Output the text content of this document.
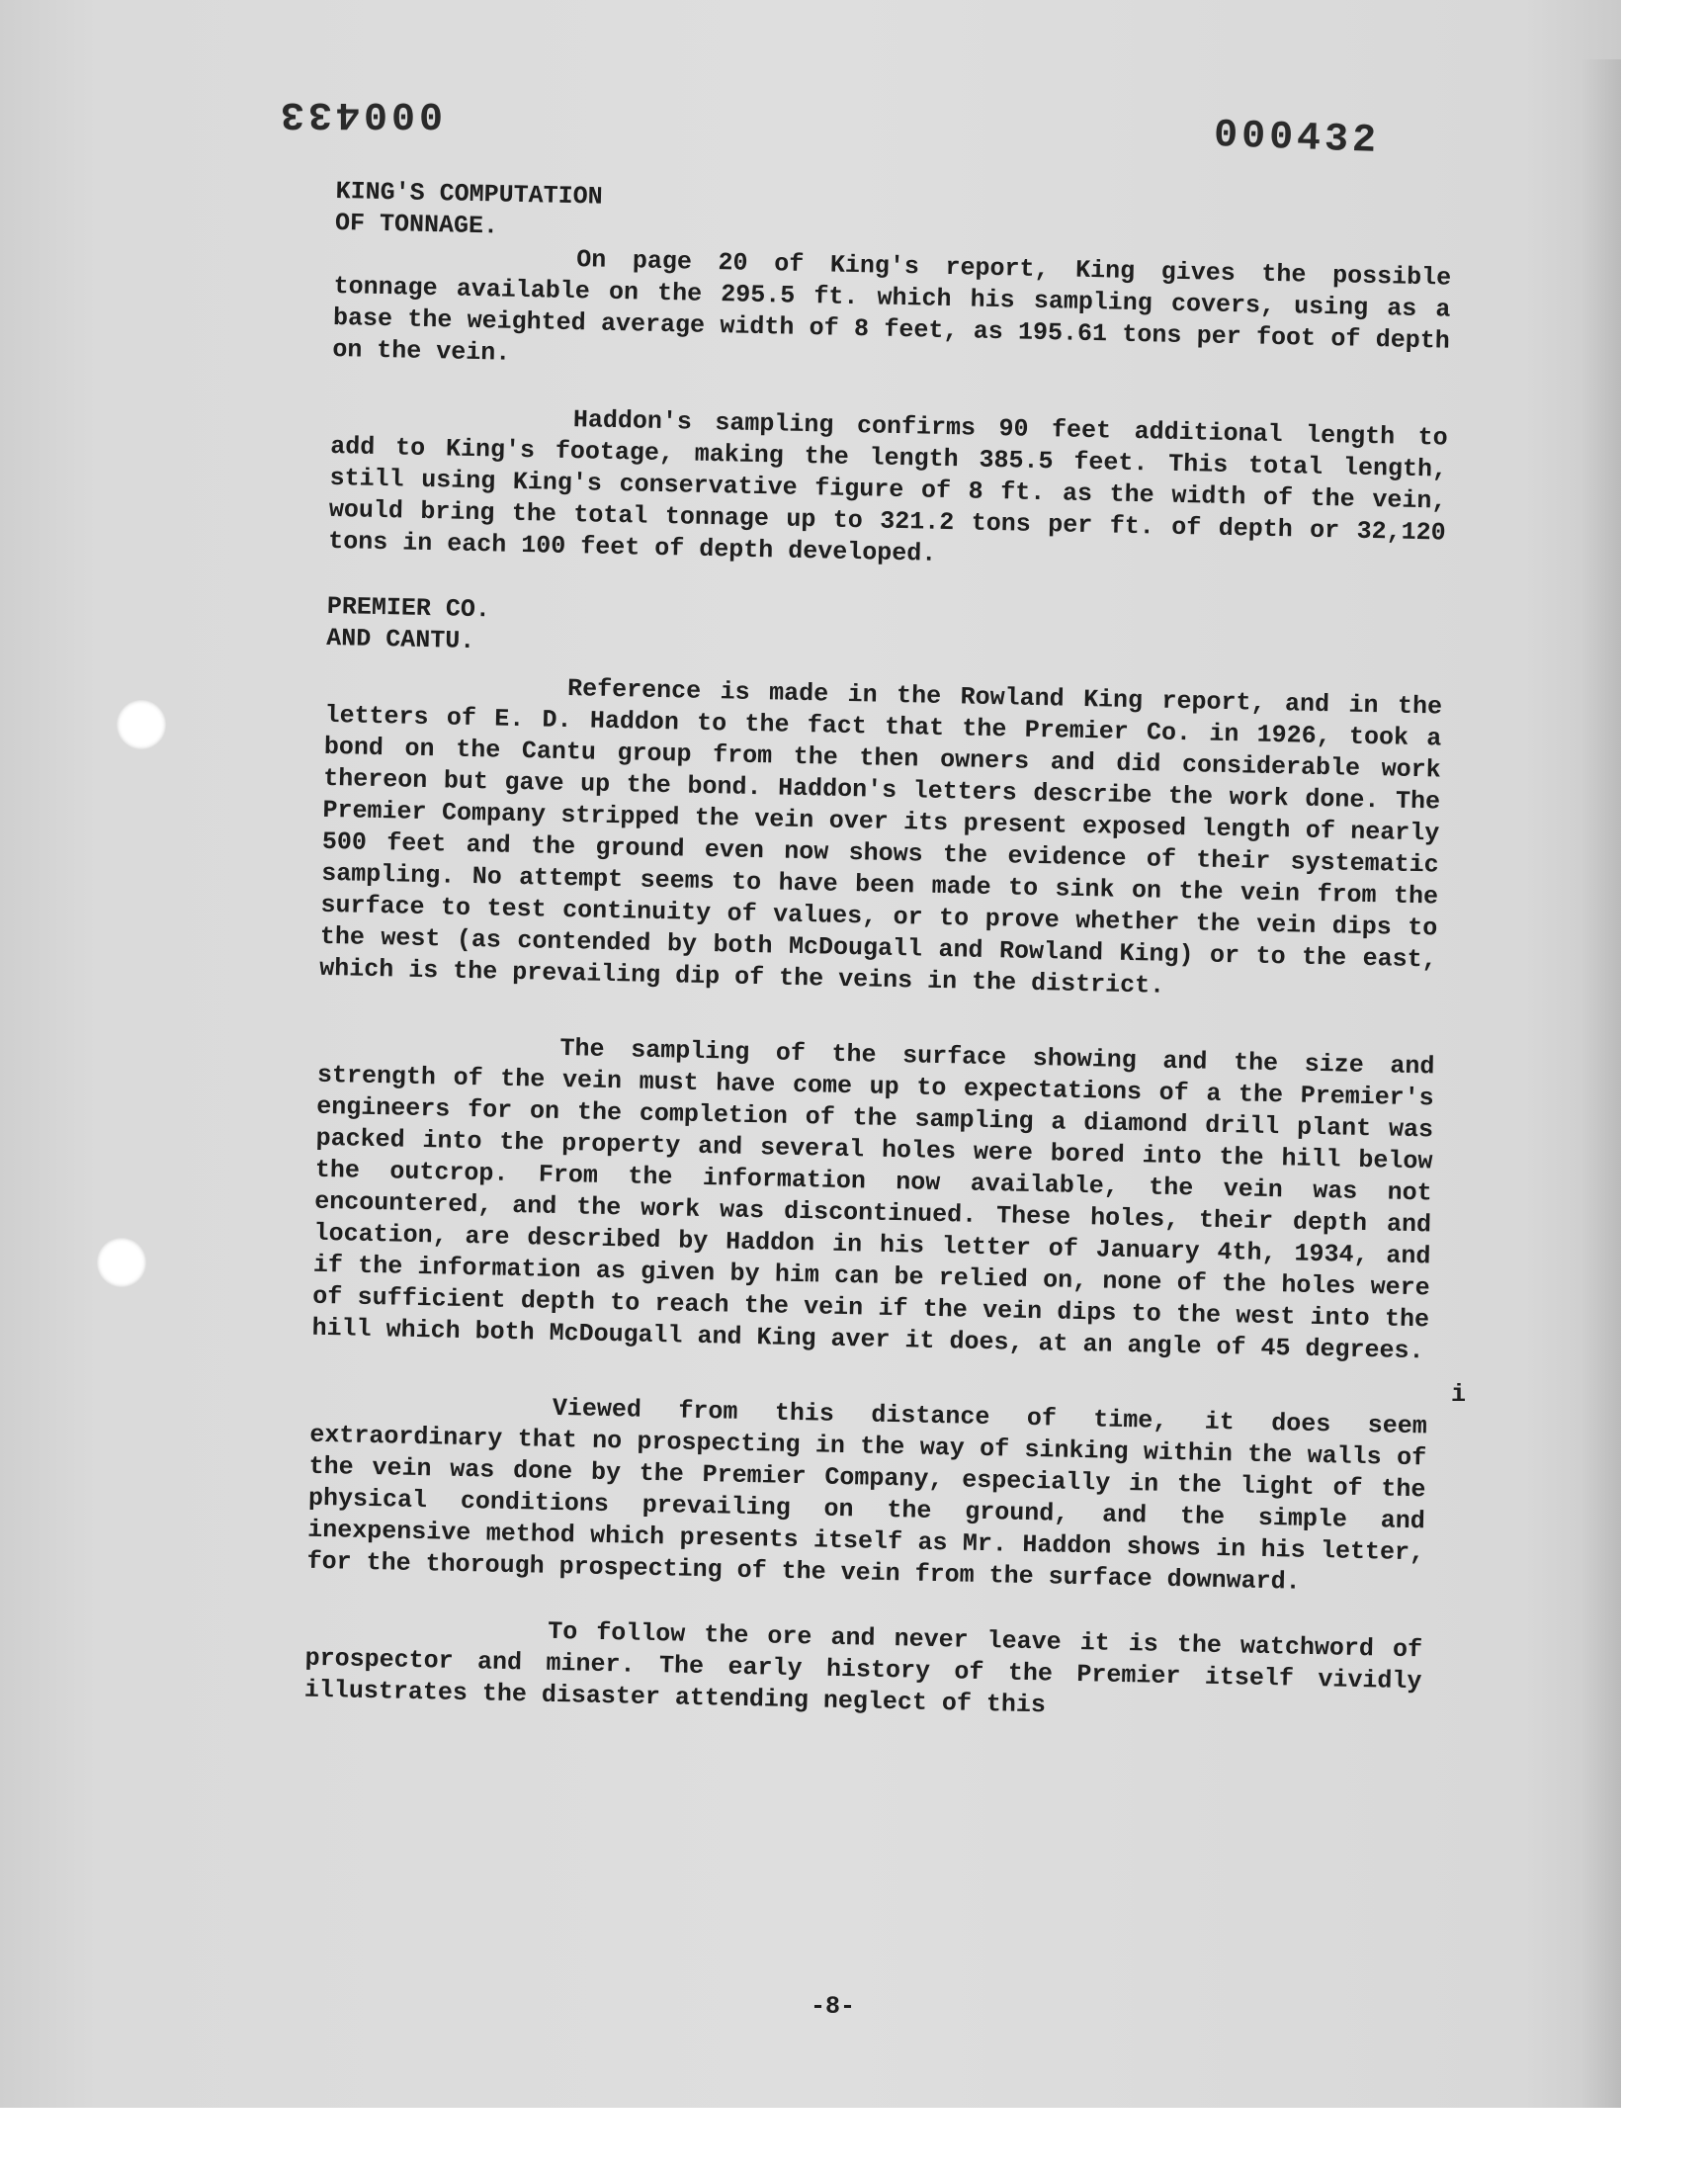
000433
000432

KING'S COMPUTATION
OF TONNAGE.

On page 20 of King's report, King gives the possible tonnage available on the 295.5 ft. which his sampling covers, using as a base the weighted average width of 8 feet, as 195.61 tons per foot of depth on the vein.

Haddon's sampling confirms 90 feet additional length to add to King's footage, making the length 385.5 feet. This total length, still using King's conservative figure of 8 ft. as the width of the vein, would bring the total tonnage up to 321.2 tons per ft. of depth or 32,120 tons in each 100 feet of depth developed.

PREMIER CO.
AND CANTU.

Reference is made in the Rowland King report, and in the letters of E. D. Haddon to the fact that the Premier Co. in 1926, took a bond on the Cantu group from the then owners and did considerable work thereon but gave up the bond. Haddon's letters describe the work done. The Premier Company stripped the vein over its present exposed length of nearly 500 feet and the ground even now shows the evidence of their systematic sampling. No attempt seems to have been made to sink on the vein from the surface to test continuity of values, or to prove whether the vein dips to the west (as contended by both McDougall and Rowland King) or to the east, which is the prevailing dip of the veins in the district.

The sampling of the surface showing and the size and strength of the vein must have come up to expectations of a the Premier's engineers for on the completion of the sampling a diamond drill plant was packed into the property and several holes were bored into the hill below the outcrop. From the information now available, the vein was not encountered, and the work was discontinued. These holes, their depth and location, are described by Haddon in his letter of January 4th, 1934, and if the information as given by him can be relied on, none of the holes were of sufficient depth to reach the vein if the vein dips to the west into the hill which both McDougall and King aver it does, at an angle of 45 degrees.

Viewed from this distance of time, it does seem extraordinary that no prospecting in the way of sinking within the walls of the vein was done by the Premier Company, especially in the light of the physical conditions prevailing on the ground, and the simple and inexpensive method which presents itself as Mr. Haddon shows in his letter, for the thorough prospecting of the vein from the surface downward.

To follow the ore and never leave it is the watchword of prospector and miner. The early history of the Premier itself vividly illustrates the disaster attending neglect of this

i
-8-
